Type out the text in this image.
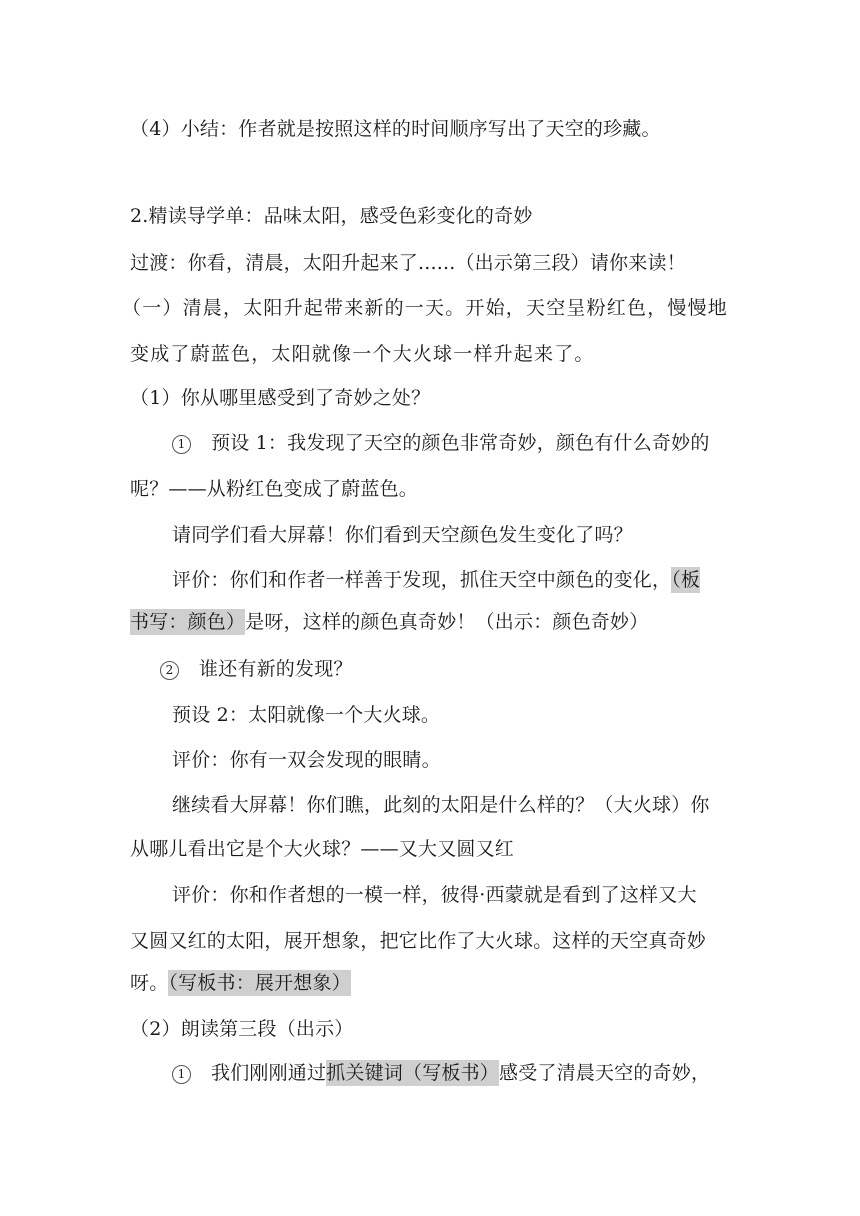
（4）小结：作者就是按照这样的时间顺序写出了天空的珍藏。
2.精读导学单：品味太阳，感受色彩变化的奇妙
过渡：你看，清晨，太阳升起来了......（出示第三段）请你来读！
（一）清晨，太阳升起带来新的一天。开始，天空呈粉红色，慢慢地
变成了蔚蓝色，太阳就像一个大火球一样升起来了。
（1）你从哪里感受到了奇妙之处？
1 预设 1：我发现了天空的颜色非常奇妙，颜色有什么奇妙的
呢？——从粉红色变成了蔚蓝色。
请同学们看大屏幕！你们看到天空颜色发生变化了吗？
评价：你们和作者一样善于发现，抓住天空中颜色的变化，（板
书写：颜色）是呀，这样的颜色真奇妙！（出示：颜色奇妙）
2 谁还有新的发现？
预设 2：太阳就像一个大火球。
评价：你有一双会发现的眼睛。
继续看大屏幕！你们瞧，此刻的太阳是什么样的？（大火球）你
从哪儿看出它是个大火球？——又大又圆又红
评价：你和作者想的一模一样，彼得·西蒙就是看到了这样又大
又圆又红的太阳，展开想象，把它比作了大火球。这样的天空真奇妙
呀。（写板书：展开想象）
（2）朗读第三段（出示）
1 我们刚刚通过抓关键词（写板书）感受了清晨天空的奇妙，
